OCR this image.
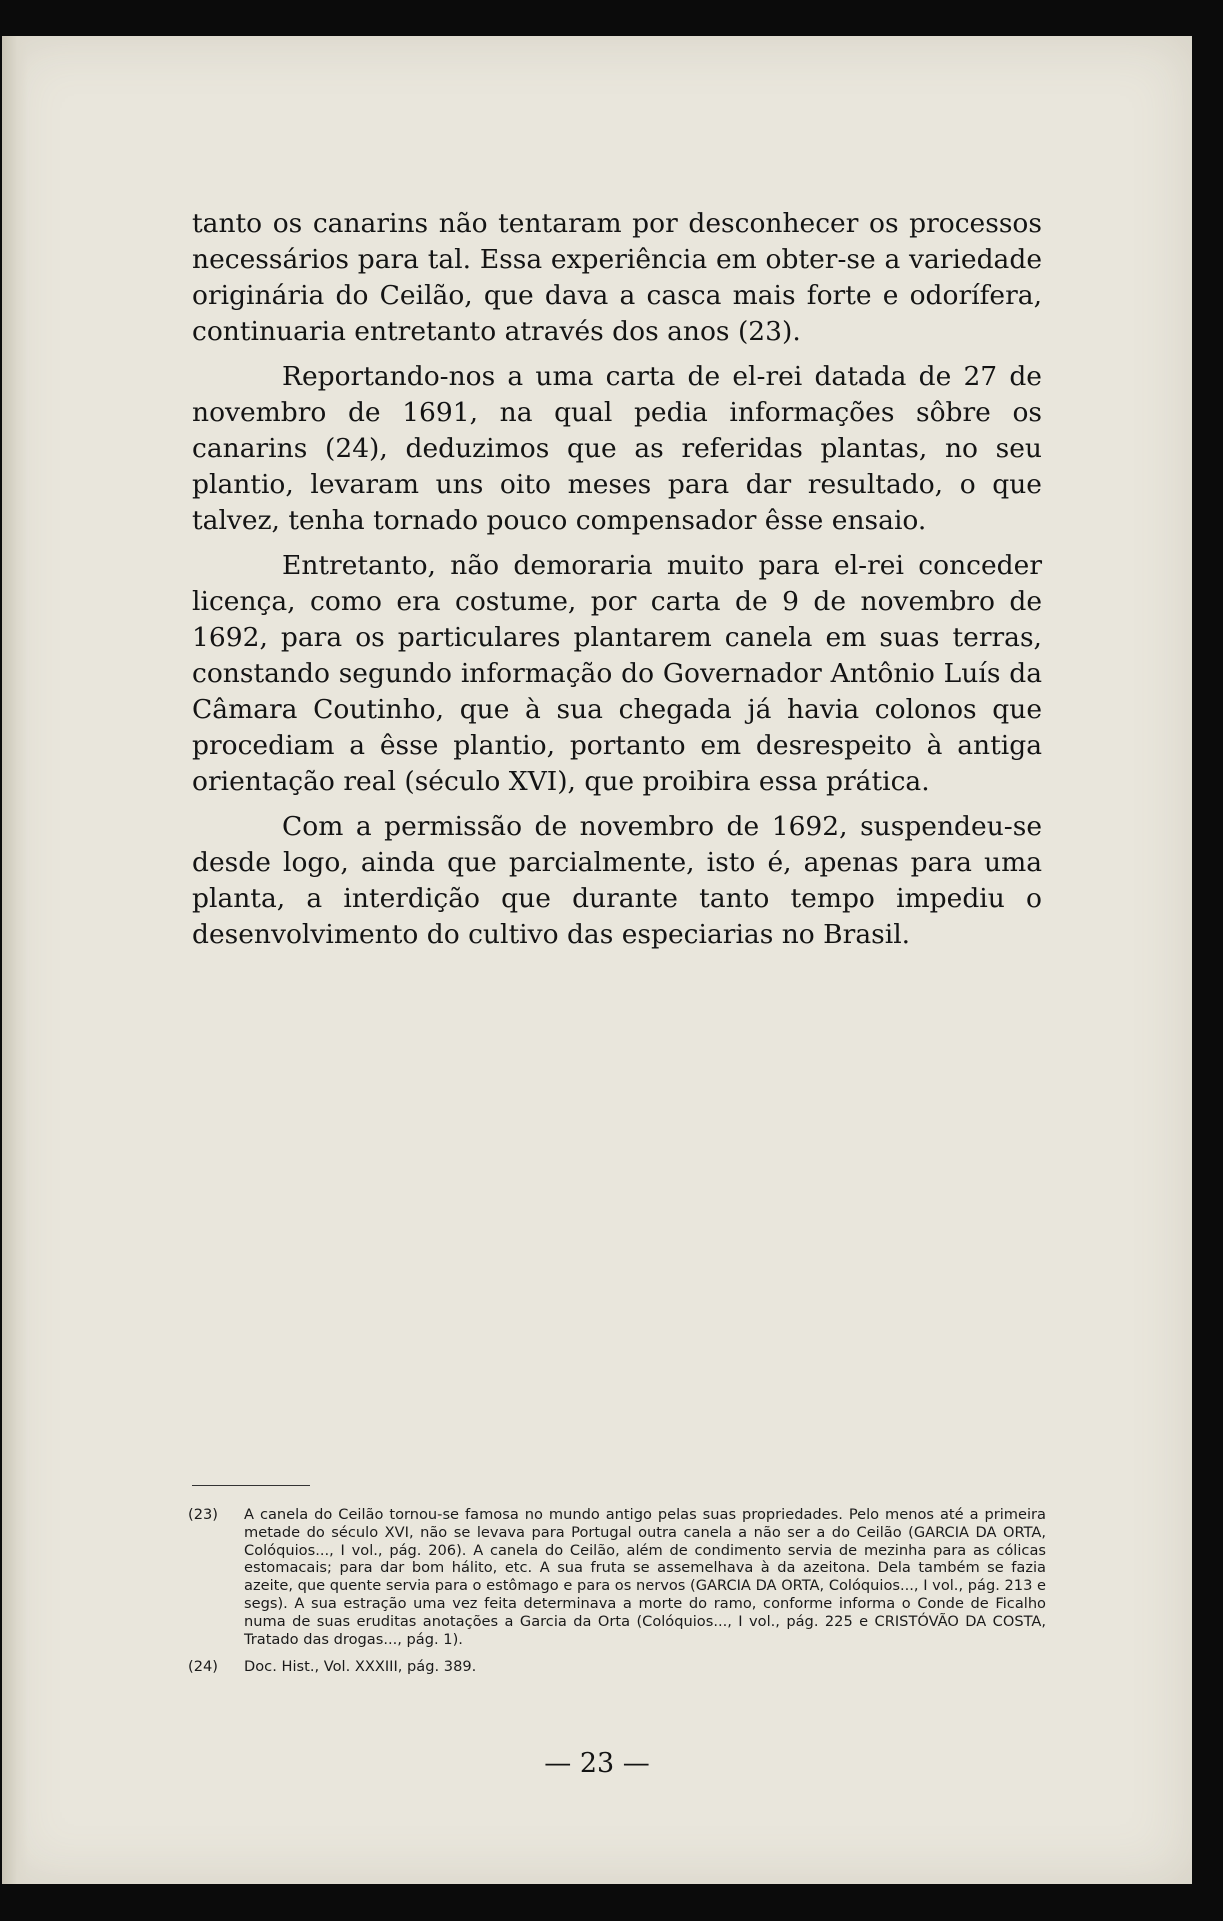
tanto os canarins não tentaram por desconhecer os processos necessários para tal. Essa experiência em obter-se a variedade originária do Ceilão, que dava a casca mais forte e odorífera, continuaria entretanto através dos anos (23).

Reportando-nos a uma carta de el-rei datada de 27 de novembro de 1691, na qual pedia informações sôbre os canarins (24), deduzimos que as referidas plantas, no seu plantio, levaram uns oito meses para dar resultado, o que talvez, tenha tornado pouco compensador êsse ensaio.

Entretanto, não demoraria muito para el-rei conceder licença, como era costume, por carta de 9 de novembro de 1692, para os particulares plantarem canela em suas terras, constando segundo informação do Governador Antônio Luís da Câmara Coutinho, que à sua chegada já havia colonos que procediam a êsse plantio, portanto em desrespeito à antiga orientação real (século XVI), que proibira essa prática.

Com a permissão de novembro de 1692, suspendeu-se desde logo, ainda que parcialmente, isto é, apenas para uma planta, a interdição que durante tanto tempo impediu o desenvolvimento do cultivo das especiarias no Brasil.

(23)	A canela do Ceilão tornou-se famosa no mundo antigo pelas suas propriedades. Pelo menos até a primeira metade do século XVI, não se levava para Portugal outra canela a não ser a do Ceilão (GARCIA DA ORTA, Colóquios..., I vol., pág. 206). A canela do Ceilão, além de condimento servia de mezinha para as cólicas estomacais; para dar bom hálito, etc. A sua fruta se assemelhava à da azeitona. Dela também se fazia azeite, que quente servia para o estômago e para os nervos (GARCIA DA ORTA, Colóquios..., I vol., pág. 213 e segs). A sua estração uma vez feita determinava a morte do ramo, conforme informa o Conde de Ficalho numa de suas eruditas anotações a Garcia da Orta (Colóquios..., I vol., pág. 225 e CRISTÓVÃO DA COSTA, Tratado das drogas..., pág. 1).
(24)	Doc. Hist., Vol. XXXIII, pág. 389.
— 23 —
